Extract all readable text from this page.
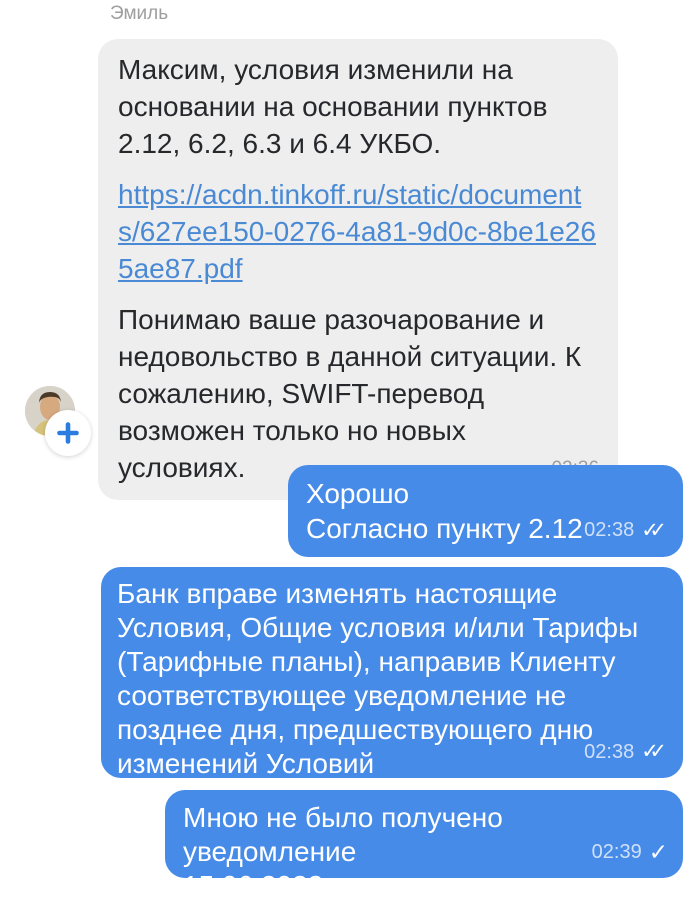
Эмиль

Максим, условия изменили на основании на основании пунктов 2.12, 6.2, 6.3 и 6.4 УКБО.

https://acdn.tinkoff.ru/static/documents/627ee150-0276-4a81-9d0c-8be1e265ae87.pdf

Понимаю ваше разочарование и недовольство в данной ситуации. К сожалению, SWIFT-перевод возможен только но новых условиях.

Хорошо
Согласно пункту 2.12 02:38 ✓✓
Банк вправе изменять настоящие Условия, Общие условия и/или Тарифы (Тарифные планы), направив Клиенту соответствующее уведомление не позднее дня, предшествующего дню изменений Условий	02:38 ✓✓
Мною не было получено уведомление
15.06.2022
02:39 ✓
